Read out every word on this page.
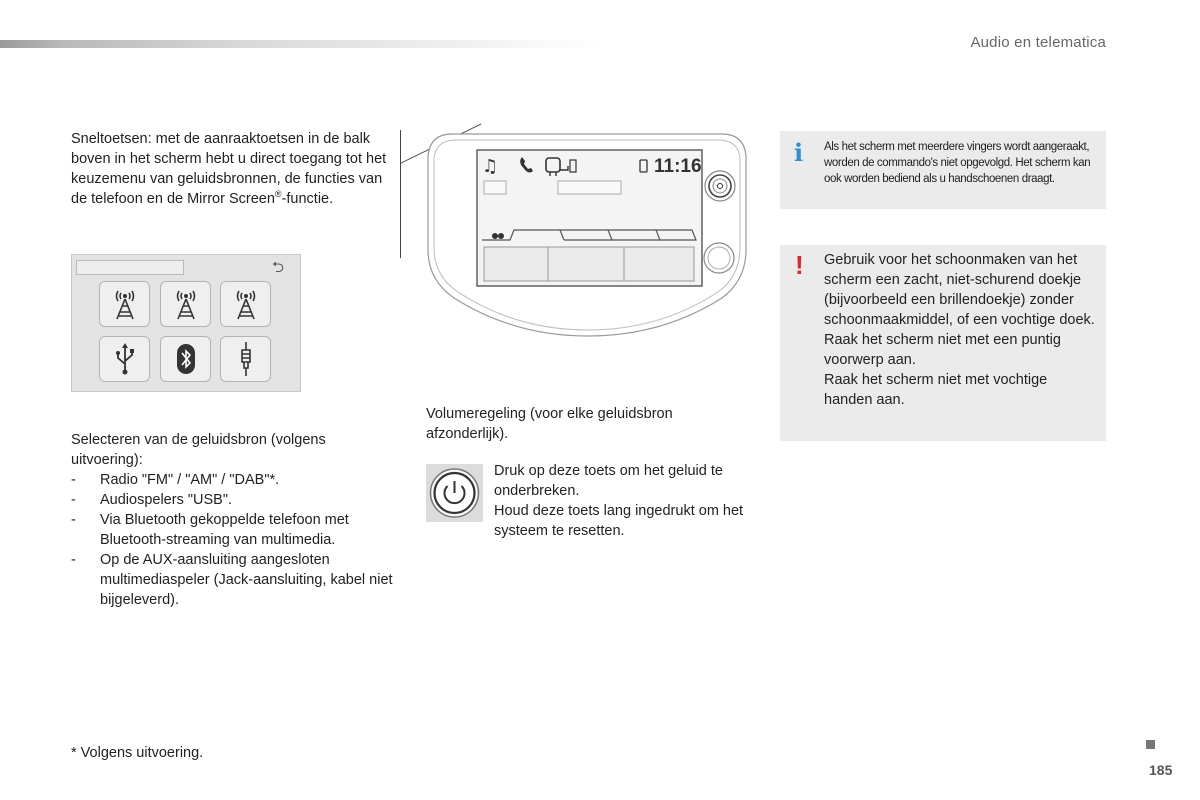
Audio en telematica
Sneltoetsen: met de aanraaktoetsen in de balk boven in het scherm hebt u direct toegang tot het keuzemenu van geluidsbronnen, de functies van de telefoon en de Mirror Screen®-functie.
⮌
Selecteren van de geluidsbron (volgens uitvoering):
- Radio "FM" / "AM" / "DAB"*.
- Audiospelers "USB".
- Via Bluetooth gekoppelde telefoon met Bluetooth-streaming van multimedia.
- Op de AUX-aansluiting aangesloten multimediaspeler (Jack-aansluiting, kabel niet bijgeleverd).
♫	11:16
Volumeregeling (voor elke geluidsbron afzonderlijk).
Druk op deze toets om het geluid te onderbreken.
Houd deze toets lang ingedrukt om het systeem te resetten.
i Als het scherm met meerdere vingers wordt aangeraakt, worden de commando's niet opgevolgd. Het scherm kan ook worden bediend als u handschoenen draagt.
! Gebruik voor het schoonmaken van het scherm een zacht, niet-schurend doekje (bijvoorbeeld een brillendoekje) zonder schoonmaakmiddel, of een vochtige doek.
Raak het scherm niet met een puntig voorwerp aan.
Raak het scherm niet met vochtige handen aan.
* Volgens uitvoering.
185
